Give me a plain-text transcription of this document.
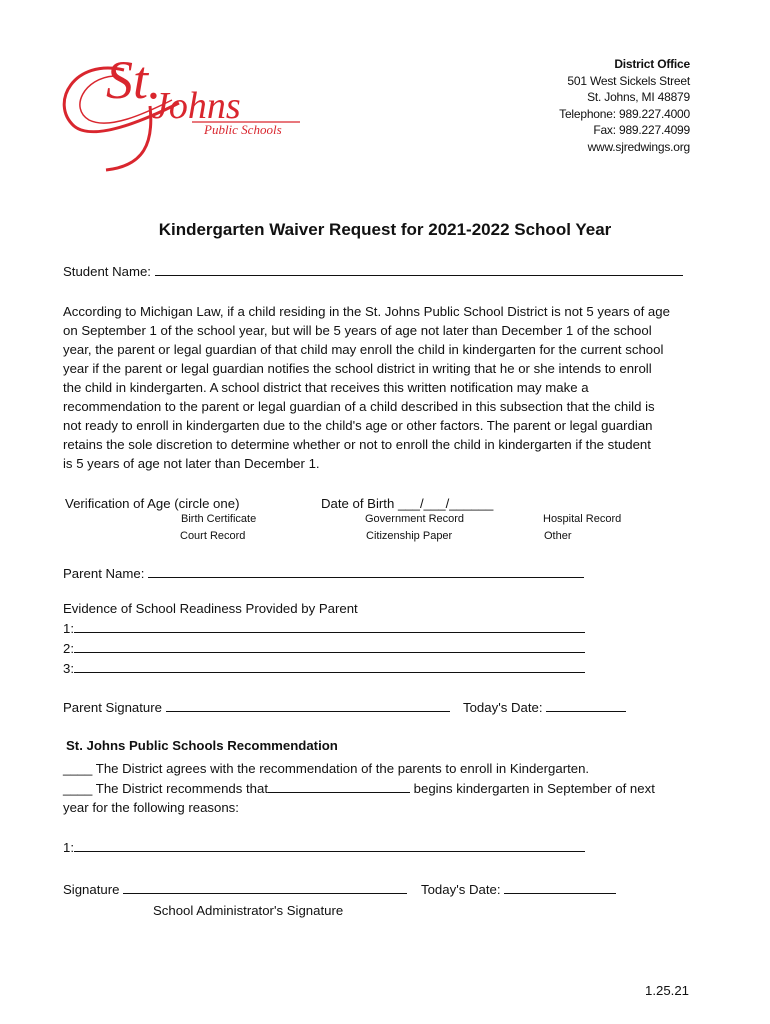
St.
Johns
Public Schools
District Office
501 West Sickels Street
St. Johns, MI 48879
Telephone: 989.227.4000
Fax: 989.227.4099
www.sjredwings.org
Kindergarten Waiver Request for 2021-2022 School Year
Student Name:
According to Michigan Law, if a child residing in the St. Johns Public School District is not 5 years of age
on September 1 of the school year, but will be 5 years of age not later than December 1 of the school
year, the parent or legal guardian of that child may enroll the child in kindergarten for the current school
year if the parent or legal guardian notifies the school district in writing that he or she intends to enroll
the child in kindergarten. A school district that receives this written notification may make a
recommendation to the parent or legal guardian of a child described in this subsection that the child is
not ready to enroll in kindergarten due to the child's age or other factors. The parent or legal guardian
retains the sole discretion to determine whether or not to enroll the child in kindergarten if the student
is 5 years of age not later than December 1.
Verification of Age (circle one)	Date of Birth ___/___/______
Birth Certificate	Government Record	Hospital Record
Court Record	Citizenship Paper	Other
Parent Name:
Evidence of School Readiness Provided by Parent
1:
2:
3:
Parent Signature	Today's Date:
St. Johns Public Schools Recommendation
____ The District agrees with the recommendation of the parents to enroll in Kindergarten.
____ The District recommends that	begins kindergarten in September of next
year for the following reasons:
1:
Signature	Today's Date:
School Administrator's Signature
1.25.21
